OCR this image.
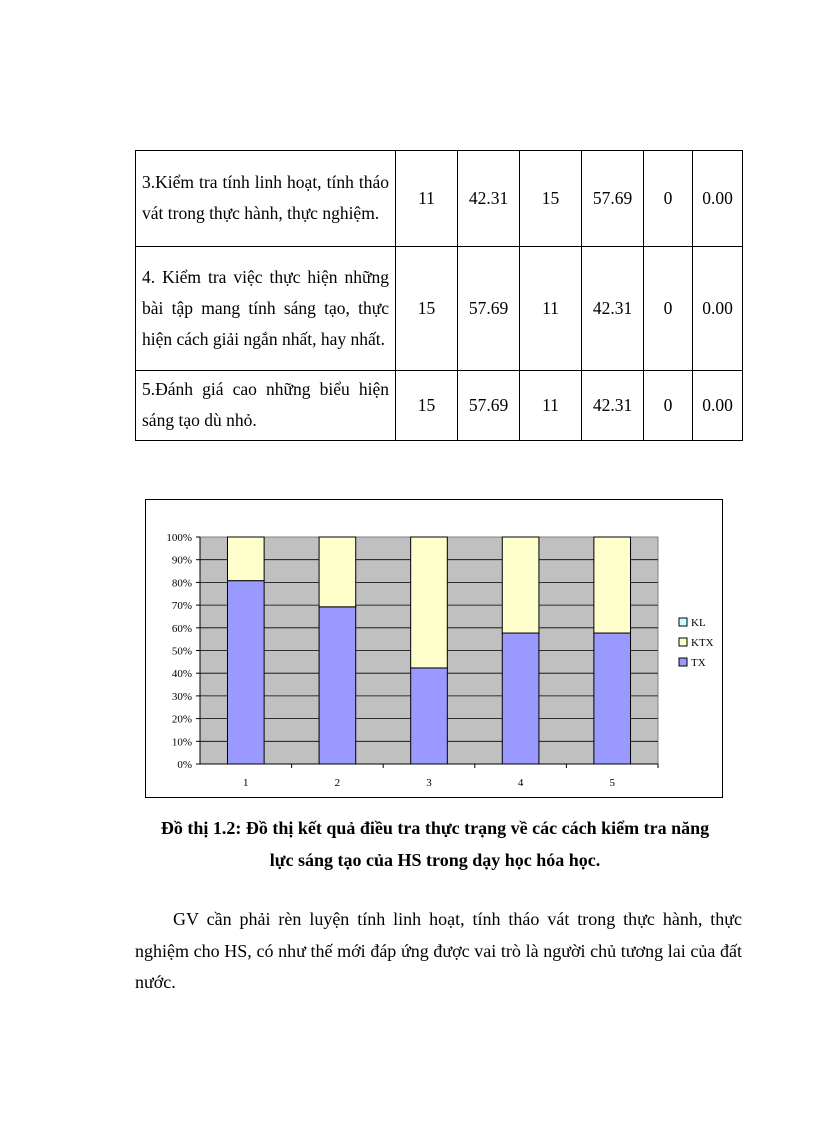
3.Kiểm tra tính linh hoạt, tính tháo vát trong thực hành, thực nghiệm.	11	42.31	15	57.69	0	0.00
4. Kiểm tra việc thực hiện những bài tập mang tính sáng tạo, thực hiện cách giải ngắn nhất, hay nhất.	15	57.69	11	42.31	0	0.00
5.Đánh giá cao những biểu hiện sáng tạo dù nhỏ.	15	57.69	11	42.31	0	0.00
0%
10%
20%
30%
40%
50%
60%
70%
80%
90%
100%
1	2	3	4	5
KL
KTX
TX

Đồ thị 1.2: Đồ thị kết quả điều tra thực trạng về các cách kiểm tra năng
lực sáng tạo của HS trong dạy học hóa học.

GV cần phải rèn luyện tính linh hoạt, tính tháo vát trong thực hành, thực nghiệm cho HS, có như thế mới đáp ứng được vai trò là người chủ tương lai của đất nước.
